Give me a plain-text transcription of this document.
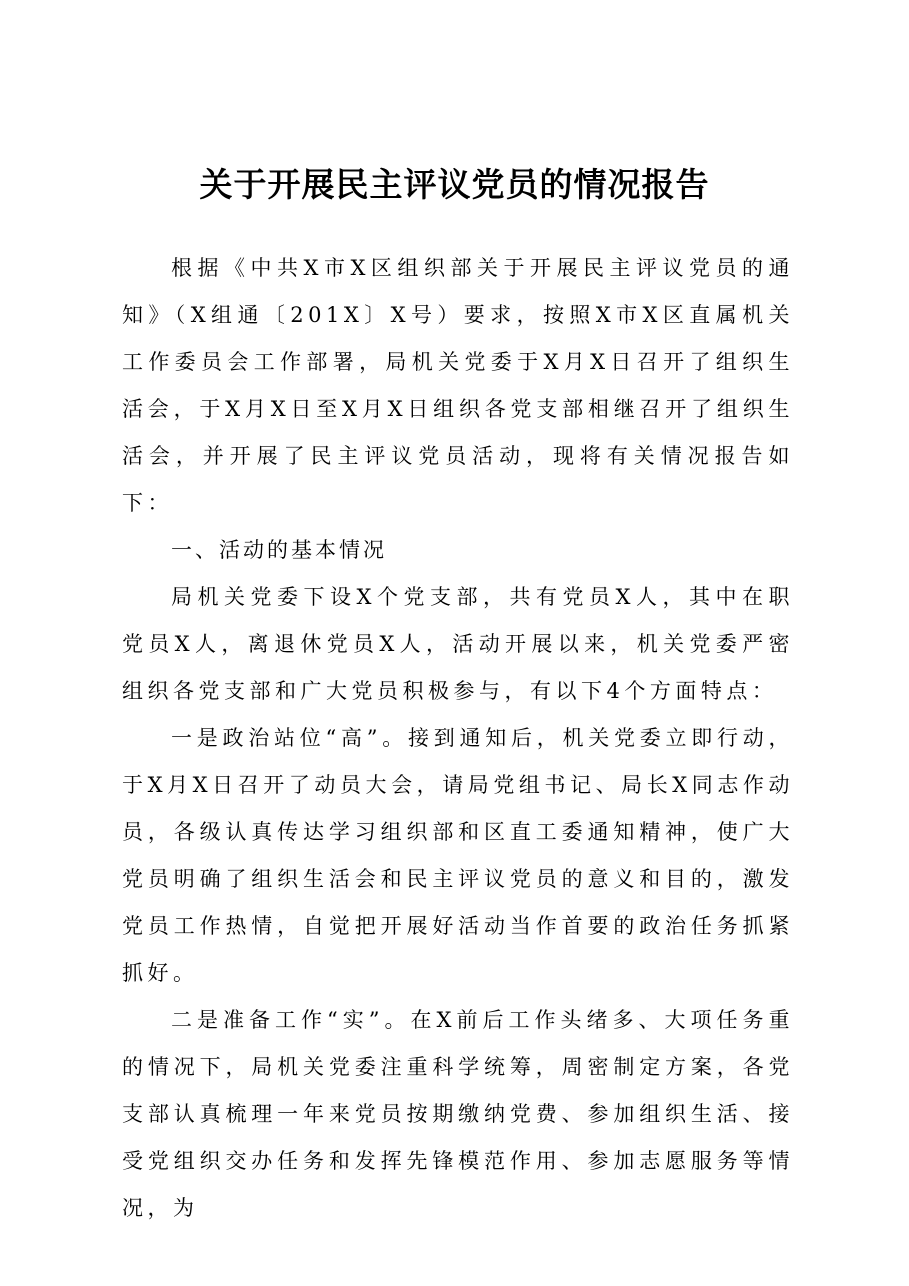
关于开展民主评议党员的情况报告

根据《中共X市X区组织部关于开展民主评议党员的通知》（X组通〔201X〕X号）要求，按照X市X区直属机关工作委员会工作部署，局机关党委于X月X日召开了组织生活会，于X月X日至X月X日组织各党支部相继召开了组织生活会，并开展了民主评议党员活动，现将有关情况报告如下：

一、活动的基本情况

局机关党委下设X个党支部，共有党员X人，其中在职党员X人，离退休党员X人，活动开展以来，机关党委严密组织各党支部和广大党员积极参与，有以下4个方面特点：

一是政治站位“高”。接到通知后，机关党委立即行动，于X月X日召开了动员大会，请局党组书记、局长X同志作动员，各级认真传达学习组织部和区直工委通知精神，使广大党员明确了组织生活会和民主评议党员的意义和目的，激发党员工作热情，自觉把开展好活动当作首要的政治任务抓紧抓好。

二是准备工作“实”。在X前后工作头绪多、大项任务重的情况下，局机关党委注重科学统筹，周密制定方案，各党支部认真梳理一年来党员按期缴纳党费、参加组织生活、接受党组织交办任务和发挥先锋模范作用、参加志愿服务等情况，为
